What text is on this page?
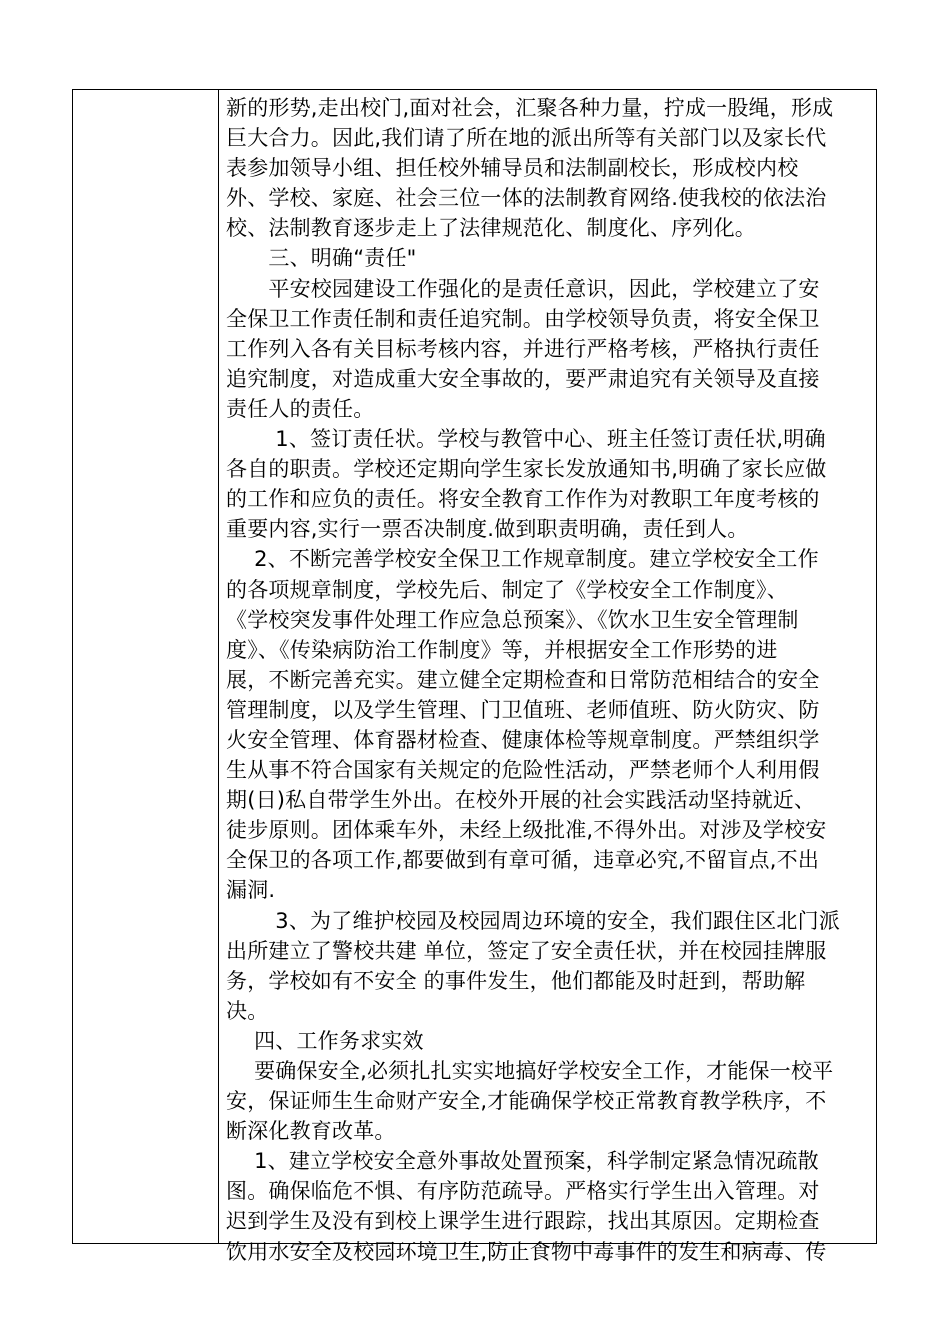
新的形势,走出校门,面对社会，汇聚各种力量，拧成一股绳，形成
巨大合力。因此,我们请了所在地的派出所等有关部门以及家长代
表参加领导小组、担任校外辅导员和法制副校长，形成校内校
外、学校、家庭、社会三位一体的法制教育网络.使我校的依法治
校、法制教育逐步走上了法律规范化、制度化、序列化。
　　三、明确“责任"
　　平安校园建设工作强化的是责任意识，因此，学校建立了安
全保卫工作责任制和责任追究制。由学校领导负责，将安全保卫
工作列入各有关目标考核内容，并进行严格考核，严格执行责任
追究制度，对造成重大安全事故的，要严肃追究有关领导及直接
责任人的责任。
　　 1、签订责任状。学校与教管中心、班主任签订责任状,明确
各自的职责。学校还定期向学生家长发放通知书,明确了家长应做
的工作和应负的责任。将安全教育工作作为对教职工年度考核的
重要内容,实行一票否决制度.做到职责明确，责任到人。
　 2、不断完善学校安全保卫工作规章制度。建立学校安全工作
的各项规章制度，学校先后、制定了《学校安全工作制度》、
《学校突发事件处理工作应急总预案》、《饮水卫生安全管理制
度》、《传染病防治工作制度》等，并根据安全工作形势的进
展，不断完善充实。建立健全定期检查和日常防范相结合的安全
管理制度，以及学生管理、门卫值班、老师值班、防火防灾、防
火安全管理、体育器材检查、健康体检等规章制度。严禁组织学
生从事不符合国家有关规定的危险性活动，严禁老师个人利用假
期(日)私自带学生外出。在校外开展的社会实践活动坚持就近、
徒步原则。团体乘车外，未经上级批准,不得外出。对涉及学校安
全保卫的各项工作,都要做到有章可循，违章必究,不留盲点,不出
漏洞.
　　 3、为了维护校园及校园周边环境的安全，我们跟住区北门派
出所建立了警校共建 单位，签定了安全责任状，并在校园挂牌服
务，学校如有不安全 的事件发生，他们都能及时赶到，帮助解
决。
　 四、工作务求实效
　 要确保安全,必须扎扎实实地搞好学校安全工作，才能保一校平
安，保证师生生命财产安全,才能确保学校正常教育教学秩序，不
断深化教育改革。
　 1、建立学校安全意外事故处置预案，科学制定紧急情况疏散
图。确保临危不惧、有序防范疏导。严格实行学生出入管理。对
迟到学生及没有到校上课学生进行跟踪，找出其原因。定期检查
饮用水安全及校园环境卫生,防止食物中毒事件的发生和病毒、传
